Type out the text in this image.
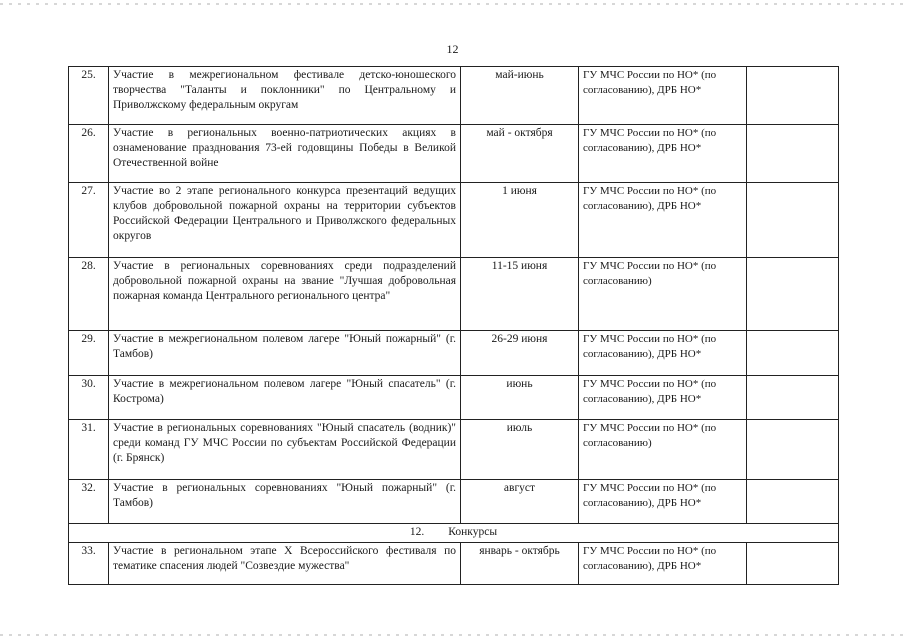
12
25.	Участие в межрегиональном фестивале детско-юношеского творчества "Таланты и поклонники" по Центральному и Приволжскому федеральным округам	май-июнь	ГУ МЧС России по НО* (по согласованию), ДРБ НО*	
26.	Участие в региональных военно-патриотических акциях в ознаменование празднования 73-ей годовщины Победы в Великой Отечественной войне	май - октября	ГУ МЧС России по НО* (по согласованию), ДРБ НО*	
27.	Участие во 2 этапе регионального конкурса презентаций ведущих клубов добровольной пожарной охраны на территории субъектов Российской Федерации Центрального и Приволжского федеральных округов	1 июня	ГУ МЧС России по НО* (по согласованию), ДРБ НО*	
28.	Участие в региональных соревнованиях среди подразделений добровольной пожарной охраны на звание "Лучшая добровольная пожарная команда Центрального регионального центра"	11-15 июня	ГУ МЧС России по НО* (по согласованию)	
29.	Участие в межрегиональном полевом лагере "Юный пожарный" (г. Тамбов)	26-29 июня	ГУ МЧС России по НО* (по согласованию), ДРБ НО*	
30.	Участие в межрегиональном полевом лагере "Юный спасатель" (г. Кострома)	июнь	ГУ МЧС России по НО* (по согласованию), ДРБ НО*	
31.	Участие в региональных соревнованиях "Юный спасатель (водник)" среди команд ГУ МЧС России по субъектам Российской Федерации (г. Брянск)	июль	ГУ МЧС России по НО* (по согласованию)	
32.	Участие в региональных соревнованиях "Юный пожарный" (г. Тамбов)	август	ГУ МЧС России по НО* (по согласованию), ДРБ НО*	
12. Конкурсы				
33.	Участие в региональном этапе X Всероссийского фестиваля по тематике спасения людей "Созвездие мужества"	январь - октябрь	ГУ МЧС России по НО* (по согласованию), ДРБ НО*	
